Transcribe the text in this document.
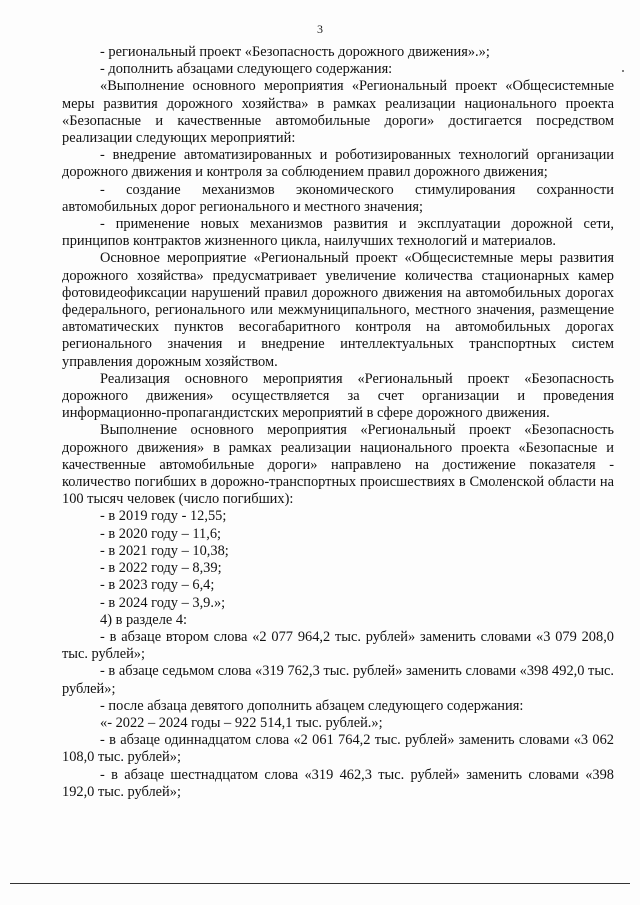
3

- региональный проект «Безопасность дорожного движения».»;

- дополнить абзацами следующего содержания:

«Выполнение основного мероприятия «Региональный проект «Общесистемные меры развития дорожного хозяйства» в рамках реализации национального проекта «Безопасные и качественные автомобильные дороги» достигается посредством реализации следующих мероприятий:

- внедрение автоматизированных и роботизированных технологий организации дорожного движения и контроля за соблюдением правил дорожного движения;

- создание механизмов экономического стимулирования сохранности автомобильных дорог регионального и местного значения;

- применение новых механизмов развития и эксплуатации дорожной сети, принципов контрактов жизненного цикла, наилучших технологий и материалов.

Основное мероприятие «Региональный проект «Общесистемные меры развития дорожного хозяйства» предусматривает увеличение количества стационарных камер фотовидеофиксации нарушений правил дорожного движения на автомобильных дорогах федерального, регионального или межмуниципального, местного значения, размещение автоматических пунктов весогабаритного контроля на автомобильных дорогах регионального значения и внедрение интеллектуальных транспортных систем управления дорожным хозяйством.

Реализация основного мероприятия «Региональный проект «Безопасность дорожного движения» осуществляется за счет организации и проведения информационно-пропагандистских мероприятий в сфере дорожного движения.

Выполнение основного мероприятия «Региональный проект «Безопасность дорожного движения» в рамках реализации национального проекта «Безопасные и качественные автомобильные дороги» направлено на достижение показателя - количество погибших в дорожно-транспортных происшествиях в Смоленской области на 100 тысяч человек (число погибших):

- в 2019 году - 12,55;

- в 2020 году – 11,6;

- в 2021 году – 10,38;

- в 2022 году – 8,39;

- в 2023 году – 6,4;

- в 2024 году – 3,9.»;

4) в разделе 4:

- в абзаце втором слова «2 077 964,2 тыс. рублей» заменить словами «3 079 208,0 тыс. рублей»;

- в абзаце седьмом слова «319 762,3 тыс. рублей» заменить словами «398 492,0 тыс. рублей»;

- после абзаца девятого дополнить абзацем следующего содержания:

«- 2022 – 2024 годы – 922 514,1 тыс. рублей.»;

- в абзаце одиннадцатом слова «2 061 764,2 тыс. рублей» заменить словами «3 062 108,0 тыс. рублей»;

- в абзаце шестнадцатом слова «319 462,3 тыс. рублей» заменить словами «398 192,0 тыс. рублей»;
